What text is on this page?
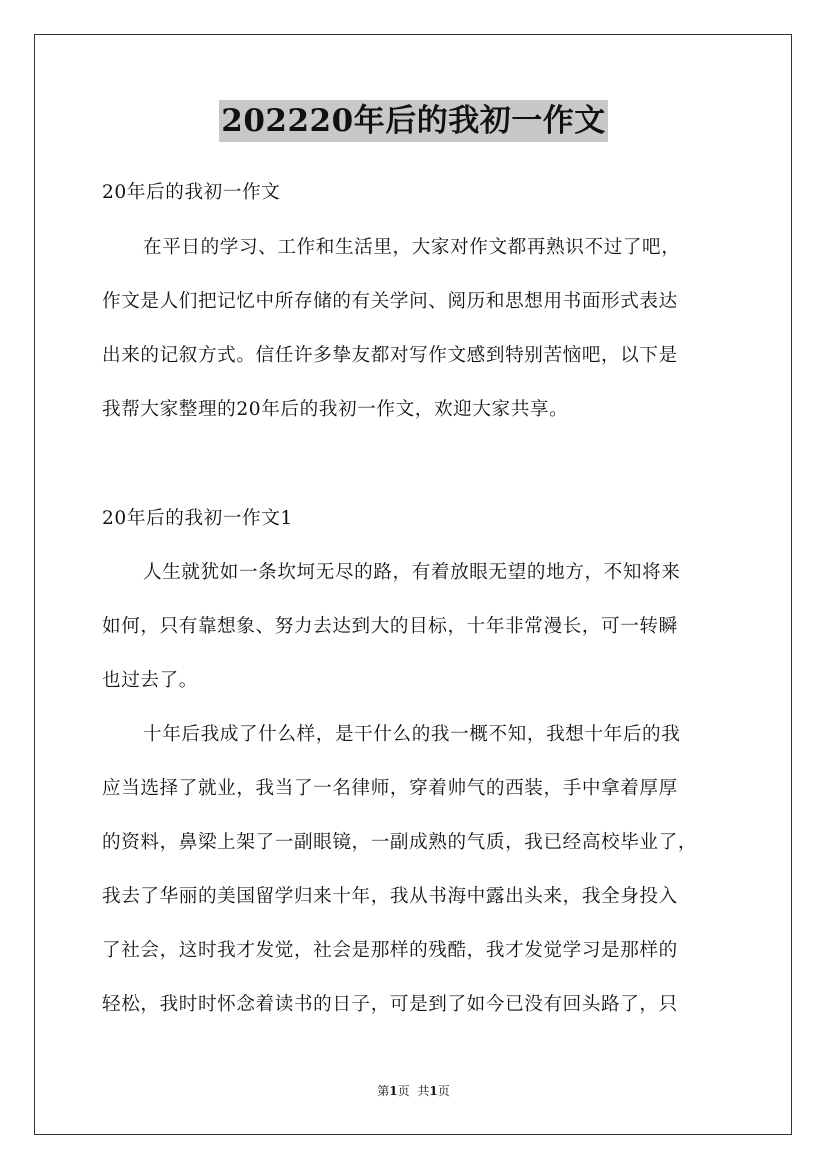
202220年后的我初一作文
20年后的我初一作文
在平日的学习、工作和生活里，大家对作文都再熟识不过了吧，
作文是人们把记忆中所存储的有关学问、阅历和思想用书面形式表达
出来的记叙方式。信任许多挚友都对写作文感到特别苦恼吧，以下是
我帮大家整理的20年后的我初一作文，欢迎大家共享。
20年后的我初一作文1
人生就犹如一条坎坷无尽的路，有着放眼无望的地方，不知将来
如何，只有靠想象、努力去达到大的目标，十年非常漫长，可一转瞬
也过去了。
十年后我成了什么样，是干什么的我一概不知，我想十年后的我
应当选择了就业，我当了一名律师，穿着帅气的西装，手中拿着厚厚
的资料，鼻梁上架了一副眼镜，一副成熟的气质，我已经高校毕业了，
我去了华丽的美国留学归来十年，我从书海中露出头来，我全身投入
了社会，这时我才发觉，社会是那样的残酷，我才发觉学习是那样的
轻松，我时时怀念着读书的日子，可是到了如今已没有回头路了，只
第1页 共1页
